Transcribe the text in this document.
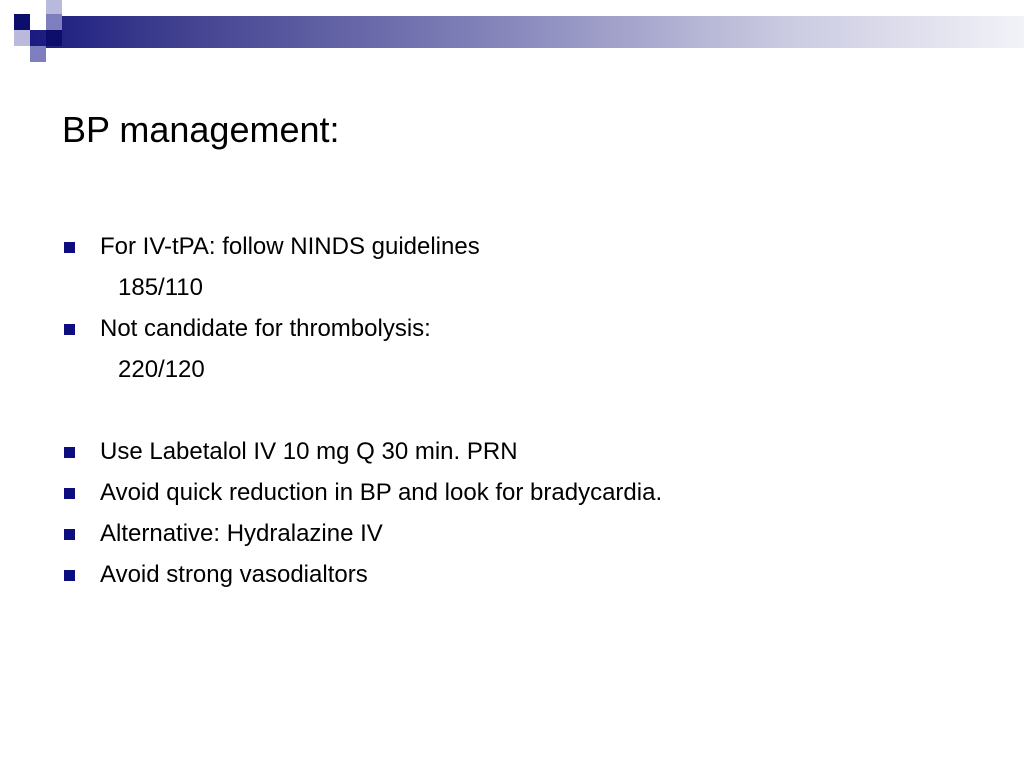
BP management:
For IV-tPA: follow NINDS guidelines
185/110
Not candidate for thrombolysis:
220/120
Use Labetalol IV 10 mg Q 30 min. PRN
Avoid quick reduction in BP and look for bradycardia.
Alternative: Hydralazine IV
Avoid strong vasodialtors
